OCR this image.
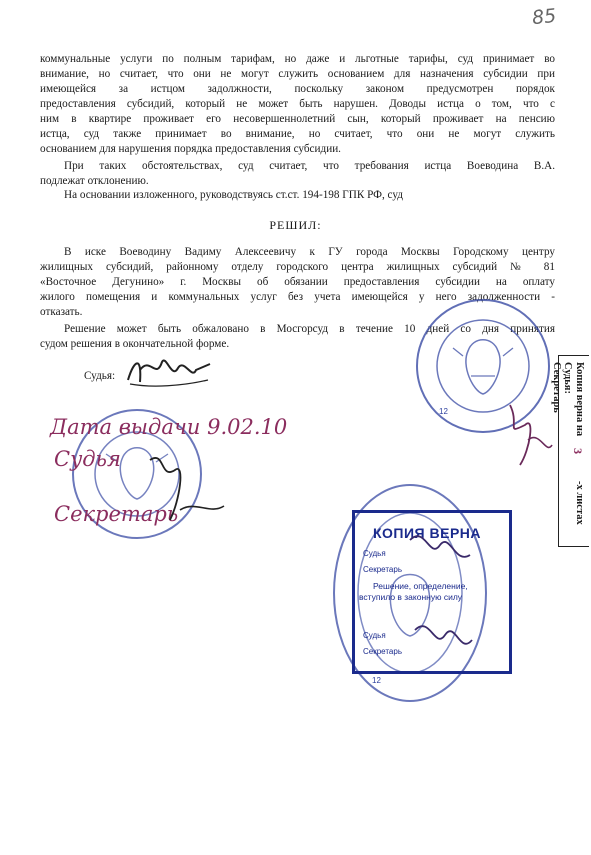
85
коммунальные услуги по полным тарифам, но даже и льготные тарифы, суд принимает во
внимание, но считает, что они не могут служить основанием для назначения субсидии при
имеющейся за истцом задолжности, поскольку законом предусмотрен порядок
предоставления субсидий, который не может быть нарушен. Доводы истца о том, что с
ним в квартире проживает его несовершеннолетний сын, который проживает на пенсию
истца, суд также принимает во внимание, но считает, что они не могут служить
основанием для нарушения порядка предоставления субсидии.
При таких обстоятельствах, суд считает, что требования истца Воеводина В.А.
подлежат отклонению.
На основании изложенного, руководствуясь ст.ст. 194-198 ГПК РФ, суд
РЕШИЛ:
В иске Воеводину Вадиму Алексеевичу к ГУ города Москвы Городскому центру
жилищных субсидий, районному отделу городского центра жилищных субсидий № 81
«Восточное Дегунино» г. Москвы об обязании предоставления субсидии на оплату
жилого помещения и коммунальных услуг без учета имеющейся у него задолженности -
отказать.
Решение может быть обжаловано в Мосгорсуд в течение 10 дней со дня принятия
судом решения в окончательной форме.
Судья:
12	Копия верна на
3
-х листах
Судья:
Секретарь
Дата выдачи 9.02.10
Судья
Секретарь
12
КОПИЯ ВЕРНА
Судья
Секретарь
Решение, определение,
вступило в законную силу
Судья
Секретарь
